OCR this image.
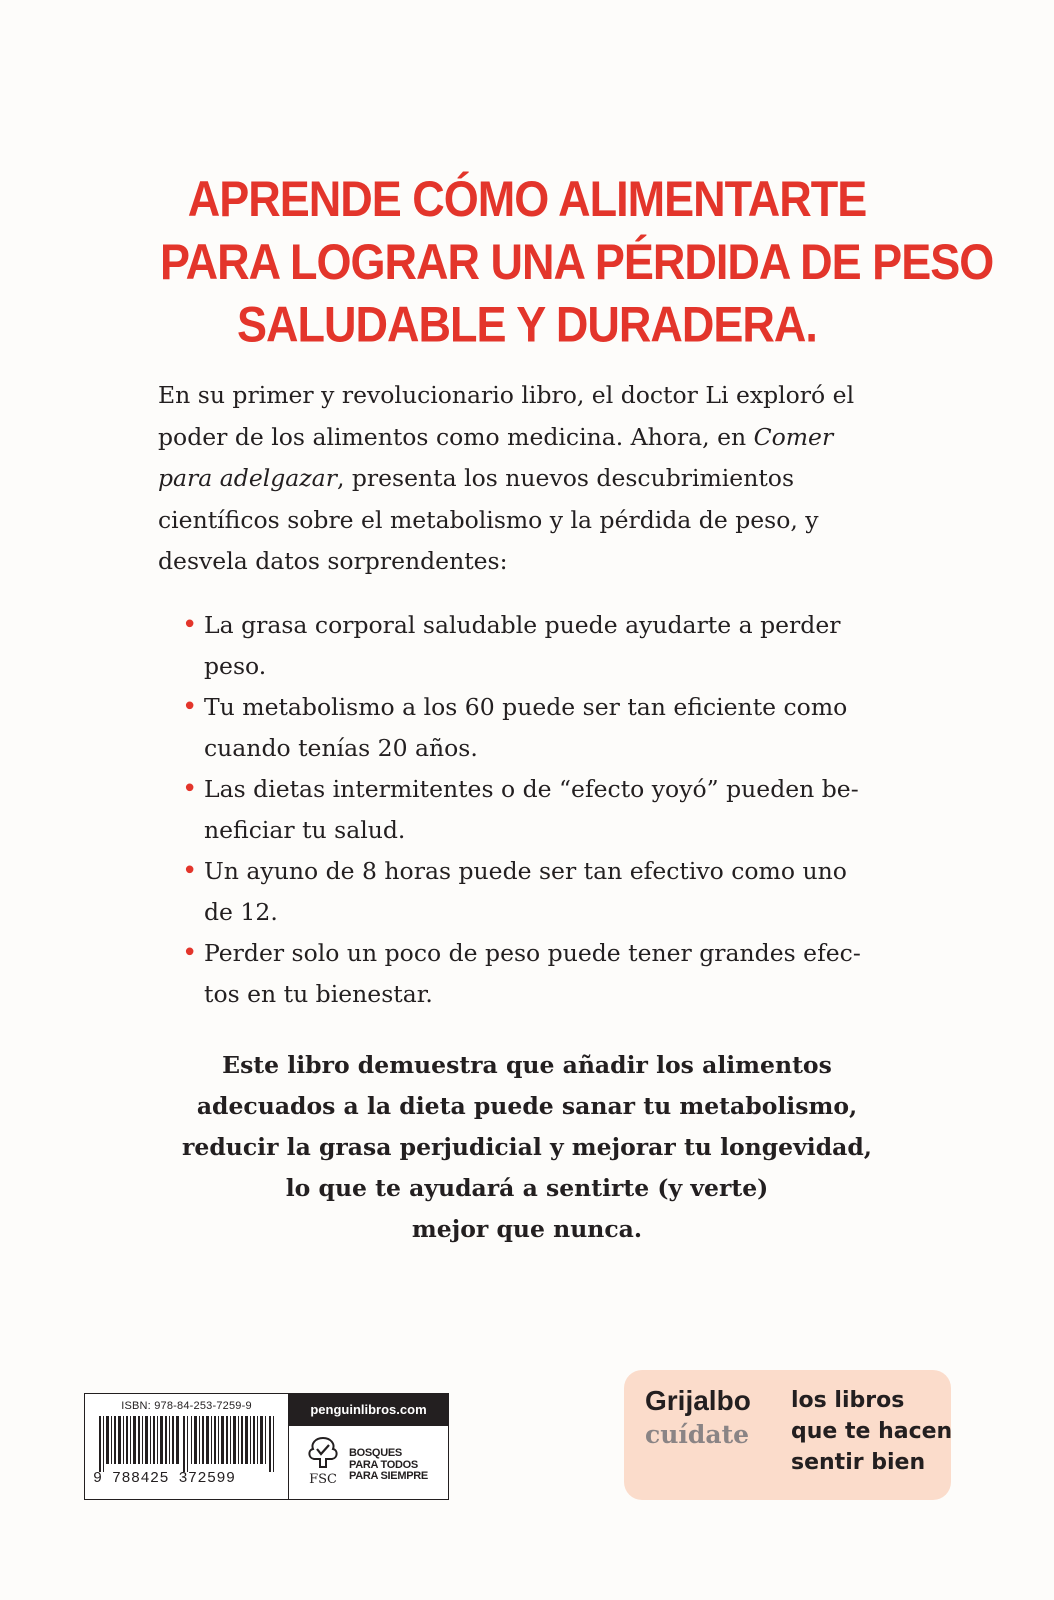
APRENDE CÓMO ALIMENTARTE
PARA LOGRAR UNA PÉRDIDA DE PESO
SALUDABLE Y DURADERA.

En su primer y revolucionario libro, el doctor Li exploró el poder de los alimentos como medicina. Ahora, en Comer para adelgazar, presenta los nuevos descubrimientos científicos sobre el metabolismo y la pérdida de peso, y desvela datos sorprendentes:

• La grasa corporal saludable puede ayudarte a perder peso.
• Tu metabolismo a los 60 puede ser tan eficiente como cuando tenías 20 años.
• Las dietas intermitentes o de “efecto yoyó” pueden beneficiar tu salud.
• Un ayuno de 8 horas puede ser tan efectivo como uno de 12.
• Perder solo un poco de peso puede tener grandes efectos en tu bienestar.
Este libro demuestra que añadir los alimentos
adecuados a la dieta puede sanar tu metabolismo,
reducir la grasa perjudicial y mejorar tu longevidad,
lo que te ayudará a sentirte (y verte)
mejor que nunca.
ISBN: 978-84-253-7259-9
9 788425 372599
penguinlibros.com
FSC
BOSQUES
PARA TODOS
PARA SIEMPRE
Grijalbo
cuídate
los libros
que te hacen
sentir bien
